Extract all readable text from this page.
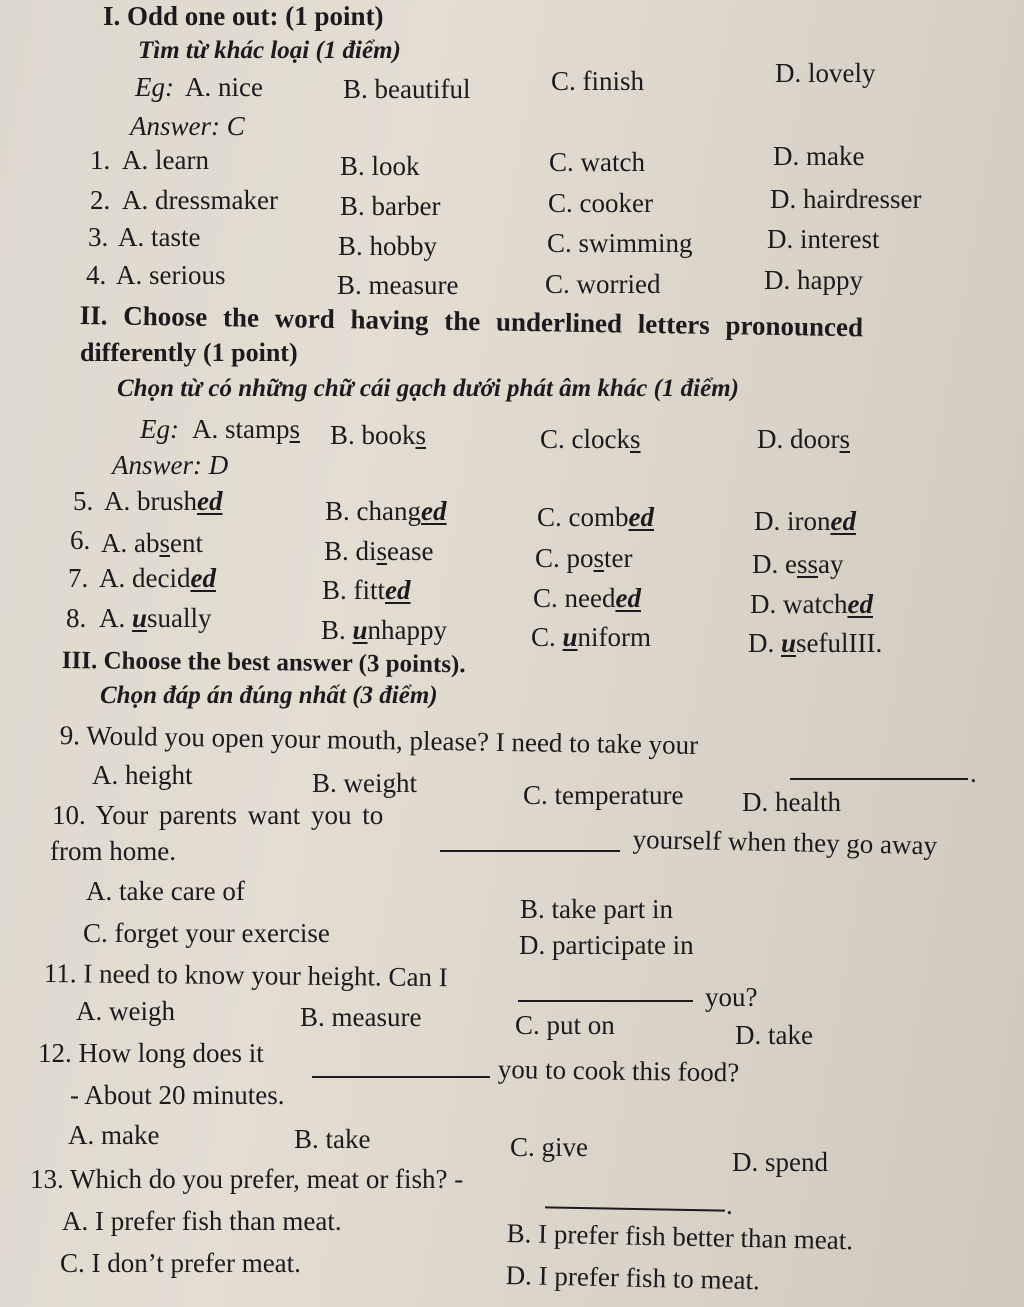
I. Odd one out: (1 point)
Tìm từ khác loại (1 điểm)
Eg: A. nice	B. beautiful	C. finish	D. lovely
Answer: C
1. A. learn	B. look	C. watch	D. make
2. A. dressmaker B. barber	C. cooker	D. hairdresser
3. A. taste	B. hobby	C. swimming	D. interest
4. A. serious	B. measure	C. worried	D. happy
II. Choose the word having the underlined letters pronounced
differently (1 point)
Chọn từ có những chữ cái gạch dưới phát âm khác (1 điểm)
Eg: A. stamps B. books	C. clocks	D. doors
Answer: D
5. A. brushed	B. changed	C. combed	D. ironed
6. A. absent	B. disease	C. poster	D. essay
7. A. decided	B. fitted	C. needed	D. watched
8. A. usually	B. unhappy	C. uniform	D. usefulIII.
III. Choose the best answer (3 points).
Chọn đáp án đúng nhất (3 điểm)
9. Would you open your mouth, please? I need to take your
.
A. height	B. weight	C. temperature D. health
10. Your parents want you to
yourself when they go away
from home.
A. take care of
B. take part in
C. forget your exercise	D. participate in
11. I need to know your height. Can I
you?
A. weigh	B. measure	C. put on	D. take
12. How long does it
you to cook this food?
- About 20 minutes.
A. make	B. take	C. give	D. spend
13. Which do you prefer, meat or fish? -
.
A. I prefer fish than meat.	B. I prefer fish better than meat.
C. I don’t prefer meat.	D. I prefer fish to meat.
